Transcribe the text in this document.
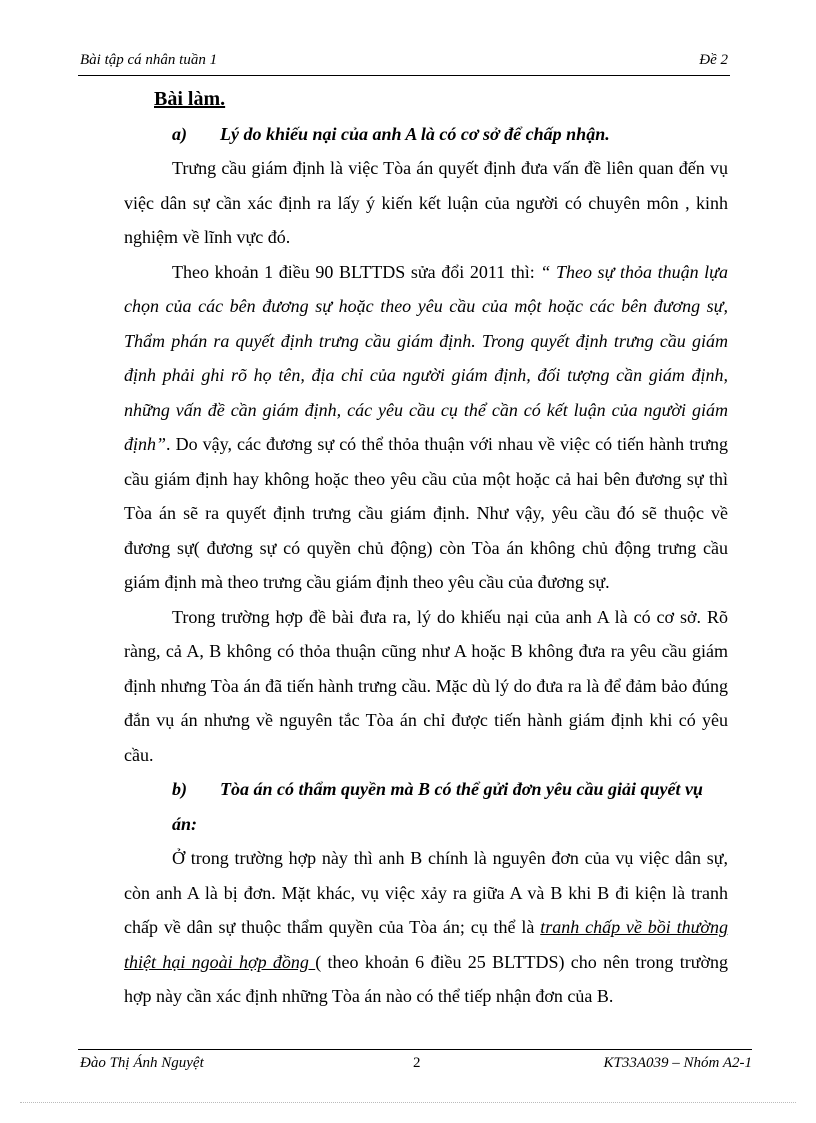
Bài tập cá nhân tuần 1	Đề 2
Bài làm.
a)	Lý do khiếu nại của anh A là có cơ sở để chấp nhận.

Trưng cầu giám định là việc Tòa án quyết định đưa vấn đề liên quan đến vụ việc dân sự cần xác định ra lấy ý kiến kết luận của người có chuyên môn , kinh nghiệm về lĩnh vực đó.

Theo khoản 1 điều 90 BLTTDS sửa đổi 2011 thì: “ Theo sự thỏa thuận lựa chọn của các bên đương sự hoặc theo yêu cầu của một hoặc các bên đương sự, Thẩm phán ra quyết định trưng cầu giám định. Trong quyết định trưng cầu giám định phải ghi rõ họ tên, địa chỉ của người giám định, đối tượng cần giám định, những vấn đề cần giám định, các yêu cầu cụ thể cần có kết luận của người giám định”. Do vậy, các đương sự có thể thỏa thuận với nhau về việc có tiến hành trưng cầu giám định hay không hoặc theo yêu cầu của một hoặc cả hai bên đương sự thì Tòa án sẽ ra quyết định trưng cầu giám định. Như vậy, yêu cầu đó sẽ thuộc về đương sự( đương sự có quyền chủ động) còn Tòa án không chủ động trưng cầu giám định mà theo trưng cầu giám định theo yêu cầu của đương sự.

Trong trường hợp đề bài đưa ra, lý do khiếu nại của anh A là có cơ sở. Rõ ràng, cả A, B không có thỏa thuận cũng như A hoặc B không đưa ra yêu cầu giám định nhưng Tòa án đã tiến hành trưng cầu. Mặc dù lý do đưa ra là để đảm bảo đúng đắn vụ án nhưng về nguyên tắc Tòa án chỉ được tiến hành giám định khi có yêu cầu.

b) Tòa án có thẩm quyền mà B có thể gửi đơn yêu cầu giải quyết vụ án:

Ở trong trường hợp này thì anh B chính là nguyên đơn của vụ việc dân sự, còn anh A là bị đơn. Mặt khác, vụ việc xảy ra giữa A và B khi B đi kiện là tranh chấp về dân sự thuộc thẩm quyền của Tòa án; cụ thể là tranh chấp về bồi thường thiệt hại ngoài hợp đồng ( theo khoản 6 điều 25 BLTTDS) cho nên trong trường hợp này cần xác định những Tòa án nào có thể tiếp nhận đơn của B.

Đào Thị Ánh Nguyệt	2	KT33A039 – Nhóm A2-1
